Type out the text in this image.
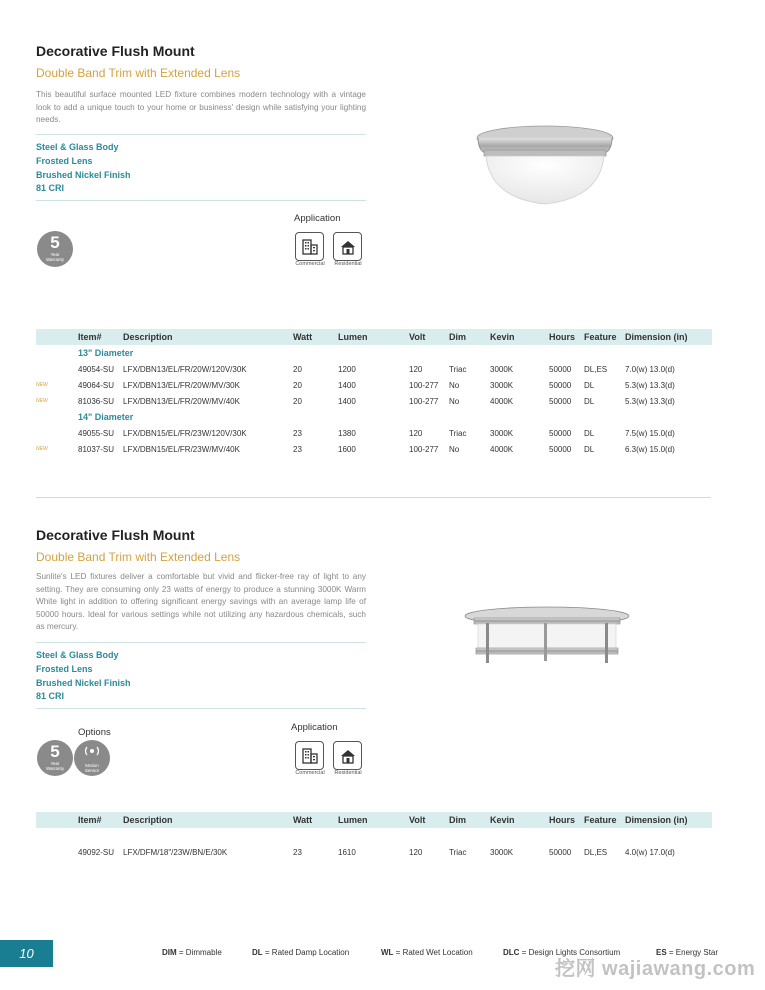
Decorative Flush Mount
Double Band Trim with Extended Lens
This beautiful surface mounted LED fixture combines modern technology with a vintage look to add a unique touch to your home or business' design while satisfying your lighting needs.
Steel & Glass Body
Frosted Lens
Brushed Nickel Finish
81 CRI
5
Year
Warranty
Application
Commercial	Residential
	Item#	Description	Watt	Lumen	Volt	Dim	Kevin	Hours	Feature	Dimension (in)
	13" Diameter									
	49054-SU	LFX/DBN13/EL/FR/20W/120V/30K	20	1200	120	Triac	3000K	50000	DL,ES	7.0(w) 13.0(d)
NEW	49064-SU	LFX/DBN13/EL/FR/20W/MV/30K	20	1400	100-277	No	3000K	50000	DL	5.3(w) 13.3(d)
NEW	81036-SU	LFX/DBN13/EL/FR/20W/MV/40K	20	1400	100-277	No	4000K	50000	DL	5.3(w) 13.3(d)
	14" Diameter									
	49055-SU	LFX/DBN15/EL/FR/23W/120V/30K	23	1380	120	Triac	3000K	50000	DL	7.5(w) 15.0(d)
NEW	81037-SU	LFX/DBN15/EL/FR/23W/MV/40K	23	1600	100-277	No	4000K	50000	DL	6.3(w) 15.0(d)
Decorative Flush Mount
Double Band Trim with Extended Lens
Sunlite's LED fixtures deliver a comfortable but vivid and flicker-free ray of light to any setting. They are consuming only 23 watts of energy to produce a stunning 3000K Warm White light in addition to offering significant energy savings with an average lamp life of 50000 hours. Ideal for various settings while not utilizing any hazardous chemicals, such as mercury.
Steel & Glass Body
Frosted Lens
Brushed Nickel Finish
81 CRI
Options
5
Year
Warranty
Motion
Sensor
Application
Commercial	Residential
	Item#	Description	Watt	Lumen	Volt	Dim	Kevin	Hours	Feature	Dimension (in)

	49092-SU	LFX/DFM/18"/23W/BN/E/30K	23	1610	120	Triac	3000K	50000	DL,ES	4.0(w) 17.0(d)
10	DIM = Dimmable	DL = Rated Damp Location	WL = Rated Wet Location	DLC = Design Lights Consortium	ES = Energy Star
挖网 wajiawang.com
